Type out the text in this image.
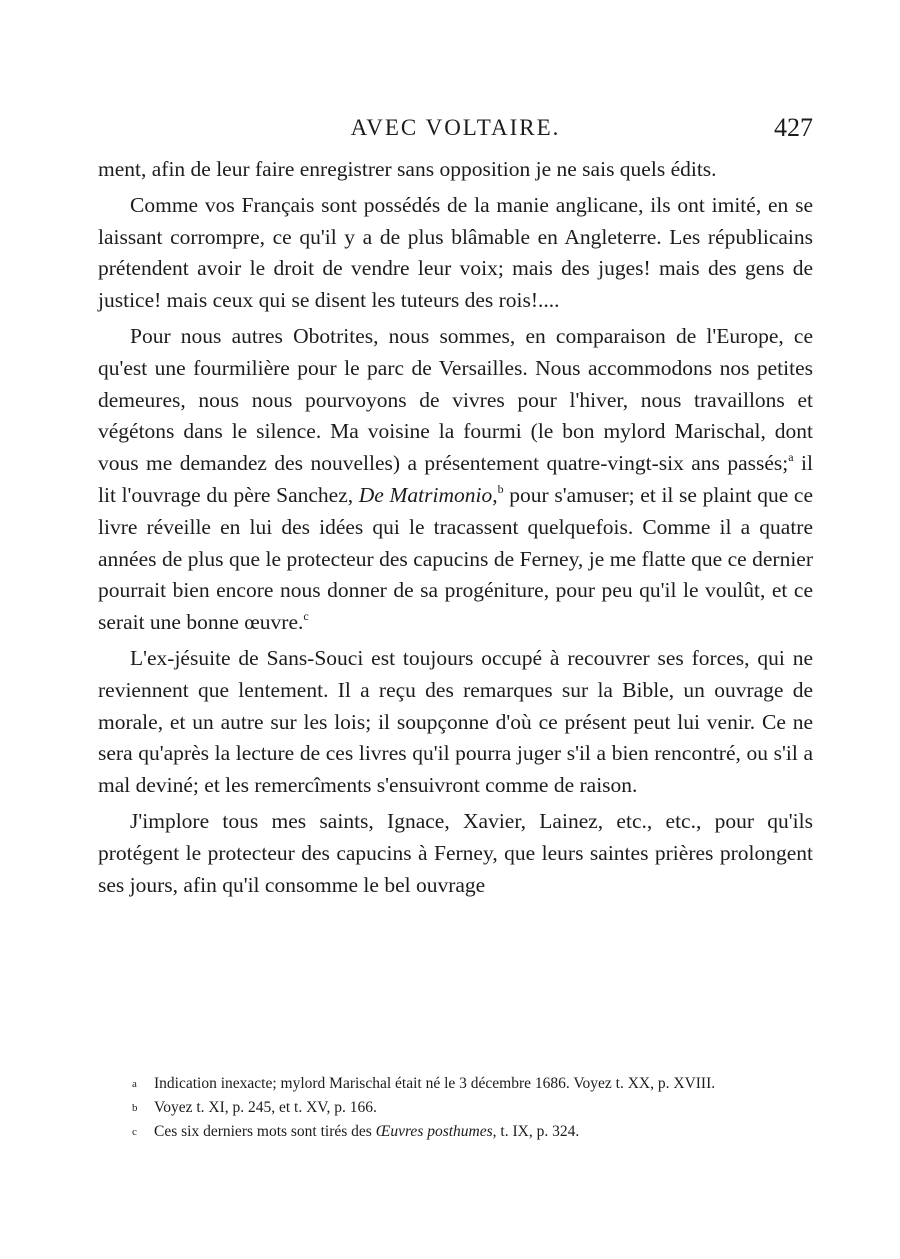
AVEC VOLTAIRE.	427

ment, afin de leur faire enregistrer sans opposition je ne sais quels édits.

Comme vos Français sont possédés de la manie anglicane, ils ont imité, en se laissant corrompre, ce qu'il y a de plus blâmable en Angleterre. Les républicains prétendent avoir le droit de vendre leur voix; mais des juges! mais des gens de justice! mais ceux qui se disent les tuteurs des rois!....

Pour nous autres Obotrites, nous sommes, en comparaison de l'Europe, ce qu'est une fourmilière pour le parc de Versailles. Nous accommodons nos petites demeures, nous nous pourvoyons de vivres pour l'hiver, nous travaillons et végétons dans le silence. Ma voisine la fourmi (le bon mylord Marischal, dont vous me demandez des nouvelles) a présentement quatre-vingt-six ans passés;$^a$ il lit l'ouvrage du père Sanchez, De Matrimonio,$^b$ pour s'amuser; et il se plaint que ce livre réveille en lui des idées qui le tracassent quelquefois. Comme il a quatre années de plus que le protecteur des capucins de Ferney, je me flatte que ce dernier pourrait bien encore nous donner de sa progéniture, pour peu qu'il le voulût, et ce serait une bonne œuvre.$^c$

L'ex-jésuite de Sans-Souci est toujours occupé à recouvrer ses forces, qui ne reviennent que lentement. Il a reçu des remarques sur la Bible, un ouvrage de morale, et un autre sur les lois; il soupçonne d'où ce présent peut lui venir. Ce ne sera qu'après la lecture de ces livres qu'il pourra juger s'il a bien rencontré, ou s'il a mal deviné; et les remercîments s'ensuivront comme de raison.

J'implore tous mes saints, Ignace, Xavier, Lainez, etc., etc., pour qu'ils protégent le protecteur des capucins à Ferney, que leurs saintes prières prolongent ses jours, afin qu'il consomme le bel ouvrage

a	Indication inexacte; mylord Marischal était né le 3 décembre 1686. Voyez t. XX, p. XVIII.
b	Voyez t. XI, p. 245, et t. XV, p. 166.
c	Ces six derniers mots sont tirés des Œuvres posthumes, t. IX, p. 324.
